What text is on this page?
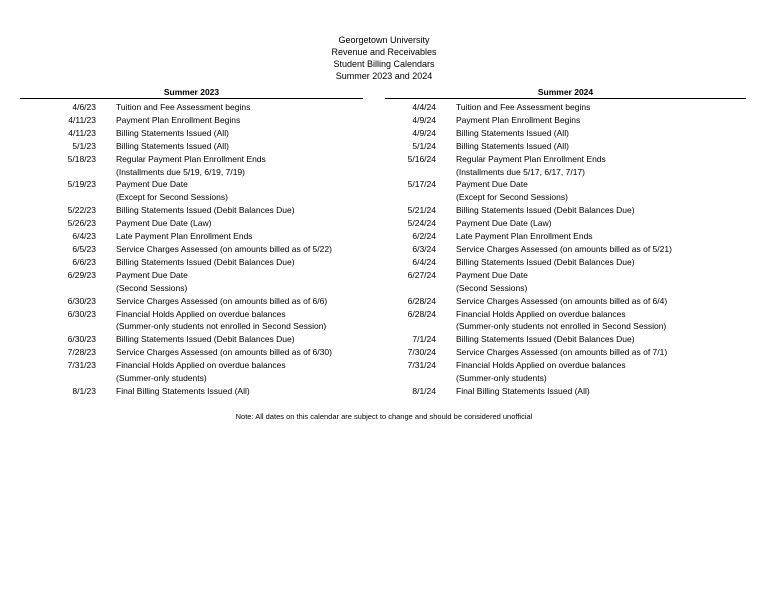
Georgetown University
Revenue and Receivables
Student Billing Calendars
Summer 2023 and 2024
Summer 2023
4/6/23 Tuition and Fee Assessment begins
4/11/23 Payment Plan Enrollment Begins
4/11/23 Billing Statements Issued (All)
5/1/23 Billing Statements Issued (All)
5/18/23 Regular Payment Plan Enrollment Ends
(Installments due 5/19, 6/19, 7/19)
5/19/23 Payment Due Date
(Except for Second Sessions)
5/22/23 Billing Statements Issued (Debit Balances Due)
5/26/23 Payment Due Date (Law)
6/4/23 Late Payment Plan Enrollment Ends
6/5/23 Service Charges Assessed (on amounts billed as of 5/22)
6/6/23 Billing Statements Issued (Debit Balances Due)
6/29/23 Payment Due Date
(Second Sessions)
6/30/23 Service Charges Assessed (on amounts billed as of 6/6)
6/30/23 Financial Holds Applied on overdue balances
(Summer-only students not enrolled in Second Session)
6/30/23 Billing Statements Issued (Debit Balances Due)
7/28/23 Service Charges Assessed (on amounts billed as of 6/30)
7/31/23 Financial Holds Applied on overdue balances
(Summer-only students)
8/1/23 Final Billing Statements Issued (All)
Summer 2024
4/4/24 Tuition and Fee Assessment begins
4/9/24 Payment Plan Enrollment Begins
4/9/24 Billing Statements Issued (All)
5/1/24 Billing Statements Issued (All)
5/16/24 Regular Payment Plan Enrollment Ends
(Installments due 5/17, 6/17, 7/17)
5/17/24 Payment Due Date
(Except for Second Sessions)
5/21/24 Billing Statements Issued (Debit Balances Due)
5/24/24 Payment Due Date (Law)
6/2/24 Late Payment Plan Enrollment Ends
6/3/24 Service Charges Assessed (on amounts billed as of 5/21)
6/4/24 Billing Statements Issued (Debit Balances Due)
6/27/24 Payment Due Date
(Second Sessions)
6/28/24 Service Charges Assessed (on amounts billed as of 6/4)
6/28/24 Financial Holds Applied on overdue balances
(Summer-only students not enrolled in Second Session)
7/1/24 Billing Statements Issued (Debit Balances Due)
7/30/24 Service Charges Assessed (on amounts billed as of 7/1)
7/31/24 Financial Holds Applied on overdue balances
(Summer-only students)
8/1/24 Final Billing Statements Issued (All)
Note: All dates on this calendar are subject to change and should be considered unofficial
